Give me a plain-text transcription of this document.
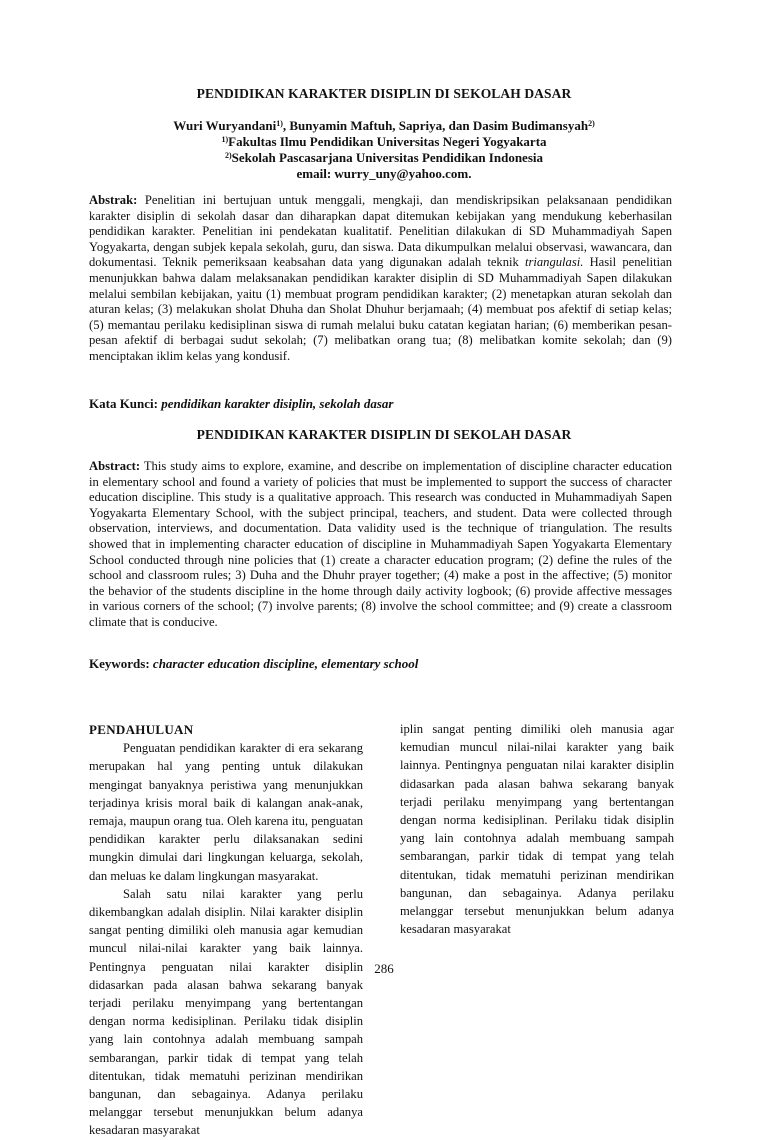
PENDIDIKAN KARAKTER DISIPLIN DI SEKOLAH DASAR
Wuri Wuryandani$^{1)}$, Bunyamin Maftuh, Sapriya, dan Dasim Budimansyah$^{2)}$
$^{1)}$Fakultas Ilmu Pendidikan Universitas Negeri Yogyakarta
$^{2)}$Sekolah Pascasarjana Universitas Pendidikan Indonesia
email: wurry_uny@yahoo.com.
Abstrak: Penelitian ini bertujuan untuk menggali, mengkaji, dan mendiskripsikan pelaksanaan pendidikan karakter disiplin di sekolah dasar dan diharapkan dapat ditemukan kebijakan yang mendukung keberhasilan pendidikan karakter. Penelitian ini pendekatan kualitatif. Penelitian dilakukan di SD Muhammadiyah Sapen Yogyakarta, dengan subjek kepala sekolah, guru, dan siswa. Data dikumpulkan melalui observasi, wawancara, dan dokumentasi. Teknik pemeriksaan keabsahan data yang digunakan adalah teknik triangulasi. Hasil penelitian menunjukkan bahwa dalam melaksanakan pendidikan karakter disiplin di SD Muhammadiyah Sapen dilakukan melalui sembilan kebijakan, yaitu (1) membuat program pendidikan karakter; (2) menetapkan aturan sekolah dan aturan kelas; (3) melakukan sholat Dhuha dan Sholat Dhuhur berjamaah; (4) membuat pos afektif di setiap kelas; (5) memantau perilaku kedisiplinan siswa di rumah melalui buku catatan kegiatan harian; (6) memberikan pesan-pesan afektif di berbagai sudut sekolah; (7) melibatkan orang tua; (8) melibatkan komite sekolah; dan (9) menciptakan iklim kelas yang kondusif.
Kata Kunci: pendidikan karakter disiplin, sekolah dasar
PENDIDIKAN KARAKTER DISIPLIN DI SEKOLAH DASAR
Abstract: This study aims to explore, examine, and describe on implementation of discipline character education in elementary school and found a variety of policies that must be implemented to support the success of character education discipline. This study is a qualitative approach. This research was conducted in Muhammadiyah Sapen Yogyakarta Elementary School, with the subject principal, teachers, and student. Data were collected through observation, interviews, and documentation. Data validity used is the technique of triangulation. The results showed that in implementing character education of discipline in Muhammadiyah Sapen Yogyakarta Elementary School conducted through nine policies that (1) create a character education program; (2) define the rules of the school and classroom rules; 3) Duha and the Dhuhr prayer together; (4) make a post in the affective; (5) monitor the behavior of the students discipline in the home through daily activity logbook; (6) provide affective messages in various corners of the school; (7) involve parents; (8) involve the school committee; and (9) create a classroom climate that is conducive.
Keywords: character education discipline, elementary school
PENDAHULUAN

Penguatan pendidikan karakter di era sekarang merupakan hal yang penting untuk dilakukan mengingat banyaknya peristiwa yang menunjukkan terjadinya krisis moral baik di kalangan anak-anak, remaja, maupun orang tua. Oleh karena itu, penguatan pendidikan karakter perlu dilaksanakan sedini mungkin dimulai dari lingkungan keluarga, sekolah, dan meluas ke dalam lingkungan masyarakat.

Salah satu nilai karakter yang perlu dikembangkan adalah disiplin. Nilai karakter disiplin sangat penting dimiliki oleh manusia agar kemudian muncul nilai-nilai karakter yang baik lainnya. Pentingnya penguatan nilai karakter disiplin didasarkan pada alasan bahwa sekarang banyak terjadi perilaku menyimpang yang bertentangan dengan norma kedisiplinan. Perilaku tidak disiplin yang lain contohnya adalah membuang sampah sembarangan, parkir tidak di tempat yang telah ditentukan, tidak mematuhi perizinan mendirikan bangunan, dan sebagainya. Adanya perilaku melanggar tersebut menunjukkan belum adanya kesadaran masyarakat

iplin sangat penting dimiliki oleh manusia agar kemudian muncul nilai-nilai karakter yang baik lainnya. Pentingnya penguatan nilai karakter disiplin didasarkan pada alasan bahwa sekarang banyak terjadi perilaku menyimpang yang bertentangan dengan norma kedisiplinan. Perilaku tidak disiplin yang lain contohnya adalah membuang sampah sembarangan, parkir tidak di tempat yang telah ditentukan, tidak mematuhi perizinan mendirikan bangunan, dan sebagainya. Adanya perilaku melanggar tersebut menunjukkan belum adanya kesadaran masyarakat

286
